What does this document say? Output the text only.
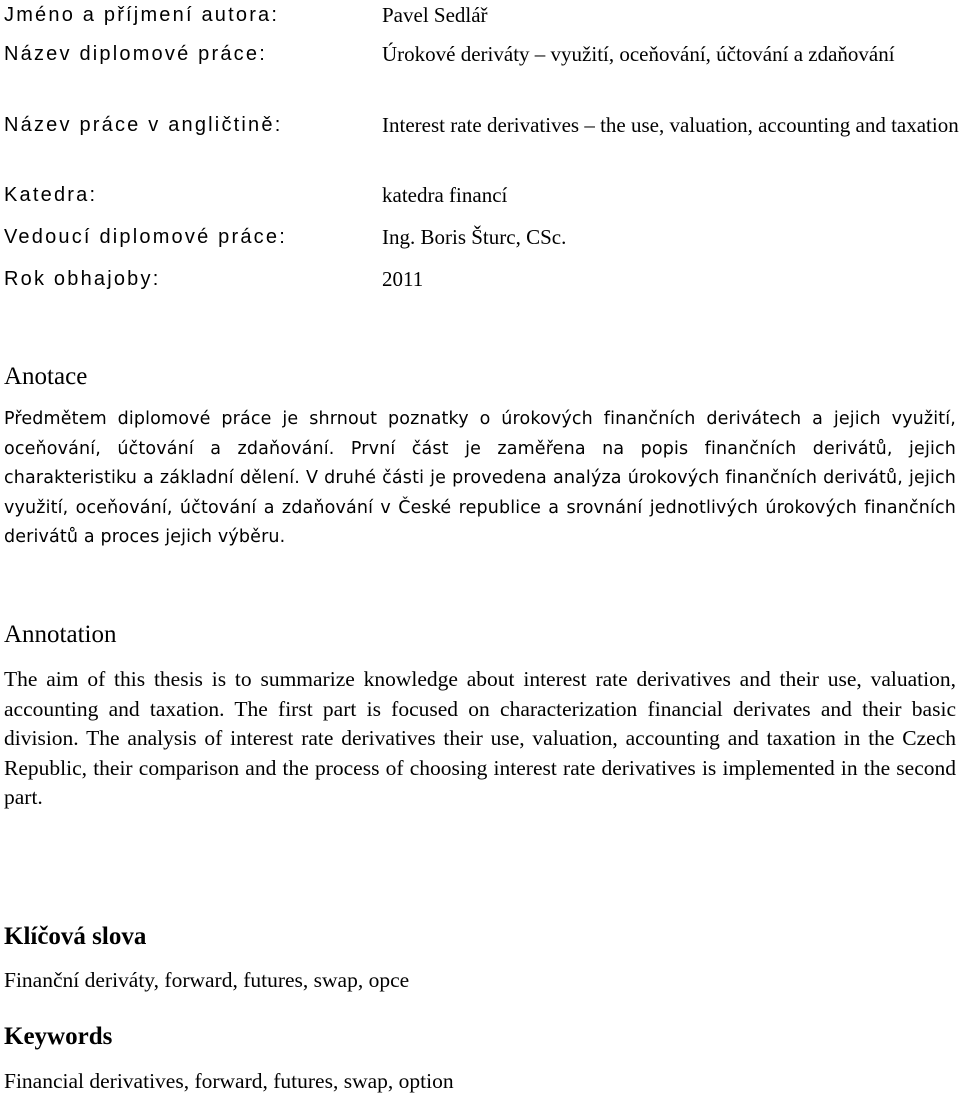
Jméno a příjmení autora:	Pavel Sedlář
Název diplomové práce:	Úrokové deriváty – využití, oceňování, účtování a zdaňování
Název práce v angličtině:	Interest rate derivatives – the use, valuation, accounting and taxation
Katedra:	katedra financí
Vedoucí diplomové práce:	Ing. Boris Šturc, CSc.
Rok obhajoby:	2011
Anotace
Předmětem diplomové práce je shrnout poznatky o úrokových finančních derivátech a jejich využití, oceňování, účtování a zdaňování. První část je zaměřena na popis finančních derivátů, jejich charakteristiku a základní dělení. V druhé části je provedena analýza úrokových finančních derivátů, jejich využití, oceňování, účtování a zdaňování v České republice a srovnání jednotlivých úrokových finančních derivátů a proces jejich výběru.
Annotation
The aim of this thesis is to summarize knowledge about interest rate derivatives and their use, valuation, accounting and taxation. The first part is focused on characterization financial derivates and their basic division. The analysis of interest rate derivatives their use, valuation, accounting and taxation in the Czech Republic, their comparison and the process of choosing interest rate derivatives is implemented in the second part.
Klíčová slova
Finanční deriváty, forward, futures, swap, opce
Keywords
Financial derivatives, forward, futures, swap, option
